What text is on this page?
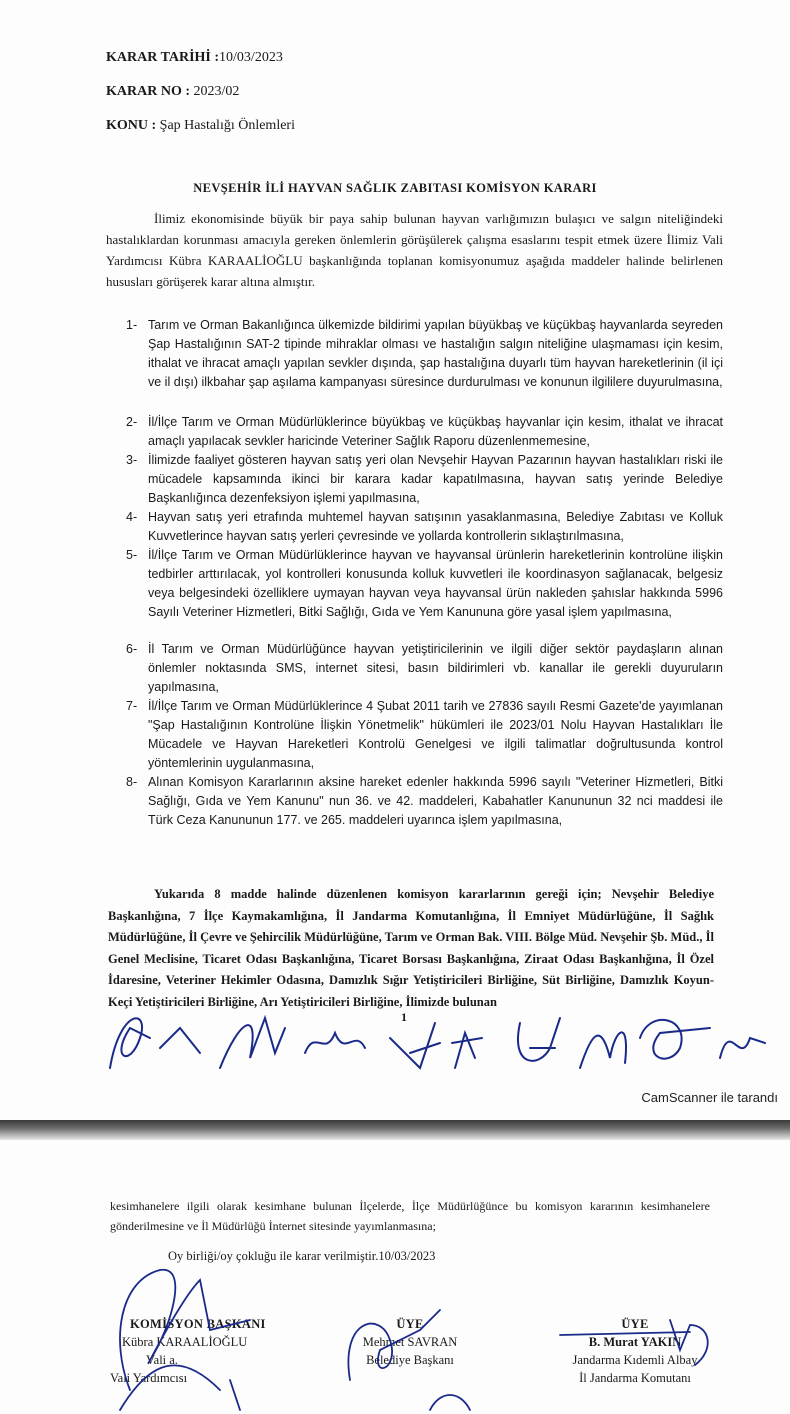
KARAR TARİHİ :10/03/2023
KARAR NO : 2023/02
KONU : Şap Hastalığı Önlemleri
NEVŞEHİR İLİ HAYVAN SAĞLIK ZABITASI KOMİSYON KARARI

İlimiz ekonomisinde büyük bir paya sahip bulunan hayvan varlığımızın bulaşıcı ve salgın niteliğindeki hastalıklardan korunması amacıyla gereken önlemlerin görüşülerek çalışma esaslarını tespit etmek üzere İlimiz Vali Yardımcısı Kübra KARAALİOĞLU başkanlığında toplanan komisyonumuz aşağıda maddeler halinde belirlenen hususları görüşerek karar altına almıştır.

1- Tarım ve Orman Bakanlığınca ülkemizde bildirimi yapılan büyükbaş ve küçükbaş hayvanlarda seyreden Şap Hastalığının SAT-2 tipinde mihraklar olması ve hastalığın salgın niteliğine ulaşmaması için kesim, ithalat ve ihracat amaçlı yapılan sevkler dışında, şap hastalığına duyarlı tüm hayvan hareketlerinin (il içi ve il dışı) ilkbahar şap aşılama kampanyası süresince durdurulması ve konunun ilgililere duyurulmasına,
2- İl/İlçe Tarım ve Orman Müdürlüklerince büyükbaş ve küçükbaş hayvanlar için kesim, ithalat ve ihracat amaçlı yapılacak sevkler haricinde Veteriner Sağlık Raporu düzenlenmemesine,
3- İlimizde faaliyet gösteren hayvan satış yeri olan Nevşehir Hayvan Pazarının hayvan hastalıkları riski ile mücadele kapsamında ikinci bir karara kadar kapatılmasına, hayvan satış yerinde Belediye Başkanlığınca dezenfeksiyon işlemi yapılmasına,
4- Hayvan satış yeri etrafında muhtemel hayvan satışının yasaklanmasına, Belediye Zabıtası ve Kolluk Kuvvetlerince hayvan satış yerleri çevresinde ve yollarda kontrollerin sıklaştırılmasına,
5- İl/İlçe Tarım ve Orman Müdürlüklerince hayvan ve hayvansal ürünlerin hareketlerinin kontrolüne ilişkin tedbirler arttırılacak, yol kontrolleri konusunda kolluk kuvvetleri ile koordinasyon sağlanacak, belgesiz veya belgesindeki özelliklere uymayan hayvan veya hayvansal ürün nakleden şahıslar hakkında 5996 Sayılı Veteriner Hizmetleri, Bitki Sağlığı, Gıda ve Yem Kanununa göre yasal işlem yapılmasına,
6- İl Tarım ve Orman Müdürlüğünce hayvan yetiştiricilerinin ve ilgili diğer sektör paydaşların alınan önlemler noktasında SMS, internet sitesi, basın bildirimleri vb. kanallar ile gerekli duyuruların yapılmasına,
7- İl/İlçe Tarım ve Orman Müdürlüklerince 4 Şubat 2011 tarih ve 27836 sayılı Resmi Gazete'de yayımlanan "Şap Hastalığının Kontrolüne İlişkin Yönetmelik" hükümleri ile 2023/01 Nolu Hayvan Hastalıkları İle Mücadele ve Hayvan Hareketleri Kontrolü Genelgesi ve ilgili talimatlar doğrultusunda kontrol yöntemlerinin uygulanmasına,
8- Alınan Komisyon Kararlarının aksine hareket edenler hakkında 5996 sayılı "Veteriner Hizmetleri, Bitki Sağlığı, Gıda ve Yem Kanunu" nun 36. ve 42. maddeleri, Kabahatler Kanununun 32 nci maddesi ile Türk Ceza Kanununun 177. ve 265. maddeleri uyarınca işlem yapılmasına,

Yukarıda 8 madde halinde düzenlenen komisyon kararlarının gereği için; Nevşehir Belediye Başkanlığına, 7 İlçe Kaymakamlığına, İl Jandarma Komutanlığına, İl Emniyet Müdürlüğüne, İl Sağlık Müdürlüğüne, İl Çevre ve Şehircilik Müdürlüğüne, Tarım ve Orman Bak. VIII. Bölge Müd. Nevşehir Şb. Müd., İl Genel Meclisine, Ticaret Odası Başkanlığına, Ticaret Borsası Başkanlığına, Ziraat Odası Başkanlığına, İl Özel İdaresine, Veteriner Hekimler Odasına, Damızlık Sığır Yetiştiricileri Birliğine, Süt Birliğine, Damızlık Koyun-Keçi Yetiştiricileri Birliğine, Arı Yetiştiricileri Birliğine, İlimizde bulunan

1
CamScanner ile tarandı

kesimhanelere ilgili olarak kesimhane bulunan İlçelerde, İlçe Müdürlüğünce bu komisyon kararının kesimhanelere gönderilmesine ve İl Müdürlüğü İnternet sitesinde yayımlanmasına;

Oy birliği/oy çokluğu ile karar verilmiştir.10/03/2023
KOMİSYON BAŞKANI
Kübra KARAALİOĞLU
Vali a.
Vali Yardımcısı
ÜYE
Mehmet SAVRAN
Belediye Başkanı
ÜYE
B. Murat YAKIN
Jandarma Kıdemli Albay
İl Jandarma Komutanı
